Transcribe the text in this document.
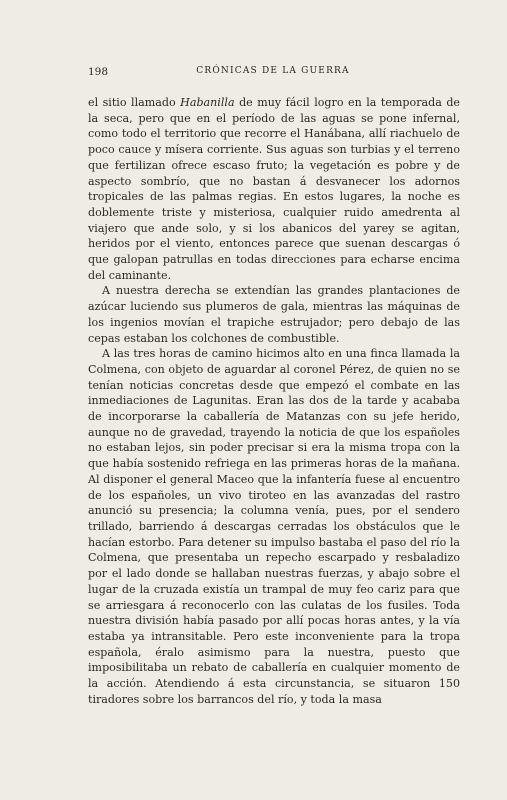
198	CRÓNICAS DE LA GUERRA

el sitio llamado Habanilla de muy fácil logro en la temporada de la seca, pero que en el período de las aguas se pone infernal, como todo el territorio que recorre el Hanábana, allí riachuelo de poco cauce y mísera corriente. Sus aguas son turbias y el terreno que fertilizan ofrece escaso fruto; la vegetación es pobre y de aspecto sombrío, que no bastan á desvanecer los adornos tropicales de las palmas regias. En estos lugares, la noche es doblemente triste y misteriosa, cualquier ruido amedrenta al viajero que ande solo, y si los abanicos del yarey se agitan, heridos por el viento, entonces parece que suenan descargas ó que galopan patrullas en todas direcciones para echarse encima del caminante.

A nuestra derecha se extendían las grandes plantaciones de azúcar luciendo sus plumeros de gala, mientras las máquinas de los ingenios movían el trapiche estrujador; pero debajo de las cepas estaban los colchones de combustible.

A las tres horas de camino hicimos alto en una finca llamada la Colmena, con objeto de aguardar al coronel Pérez, de quien no se tenían noticias concretas desde que empezó el combate en las inmediaciones de Lagunitas. Eran las dos de la tarde y acababa de incorporarse la caballería de Matanzas con su jefe herido, aunque no de gravedad, trayendo la noticia de que los españoles no estaban lejos, sin poder precisar si era la misma tropa con la que había sostenido refriega en las primeras horas de la mañana. Al disponer el general Maceo que la infantería fuese al encuentro de los españoles, un vivo tiroteo en las avanzadas del rastro anunció su presencia; la columna venía, pues, por el sendero trillado, barriendo á descargas cerradas los obstáculos que le hacían estorbo. Para detener su impulso bastaba el paso del río la Colmena, que presentaba un repecho escarpado y resbaladizo por el lado donde se hallaban nuestras fuerzas, y abajo sobre el lugar de la cruzada existía un trampal de muy feo cariz para que se arriesgara á reconocerlo con las culatas de los fusiles. Toda nuestra división había pasado por allí pocas horas antes, y la vía estaba ya intransitable. Pero este inconveniente para la tropa española, éralo asimismo para la nuestra, puesto que imposibilitaba un rebato de caballería en cualquier momento de la acción. Atendiendo á esta circunstancia, se situaron 150 tiradores sobre los barrancos del río, y toda la masa
